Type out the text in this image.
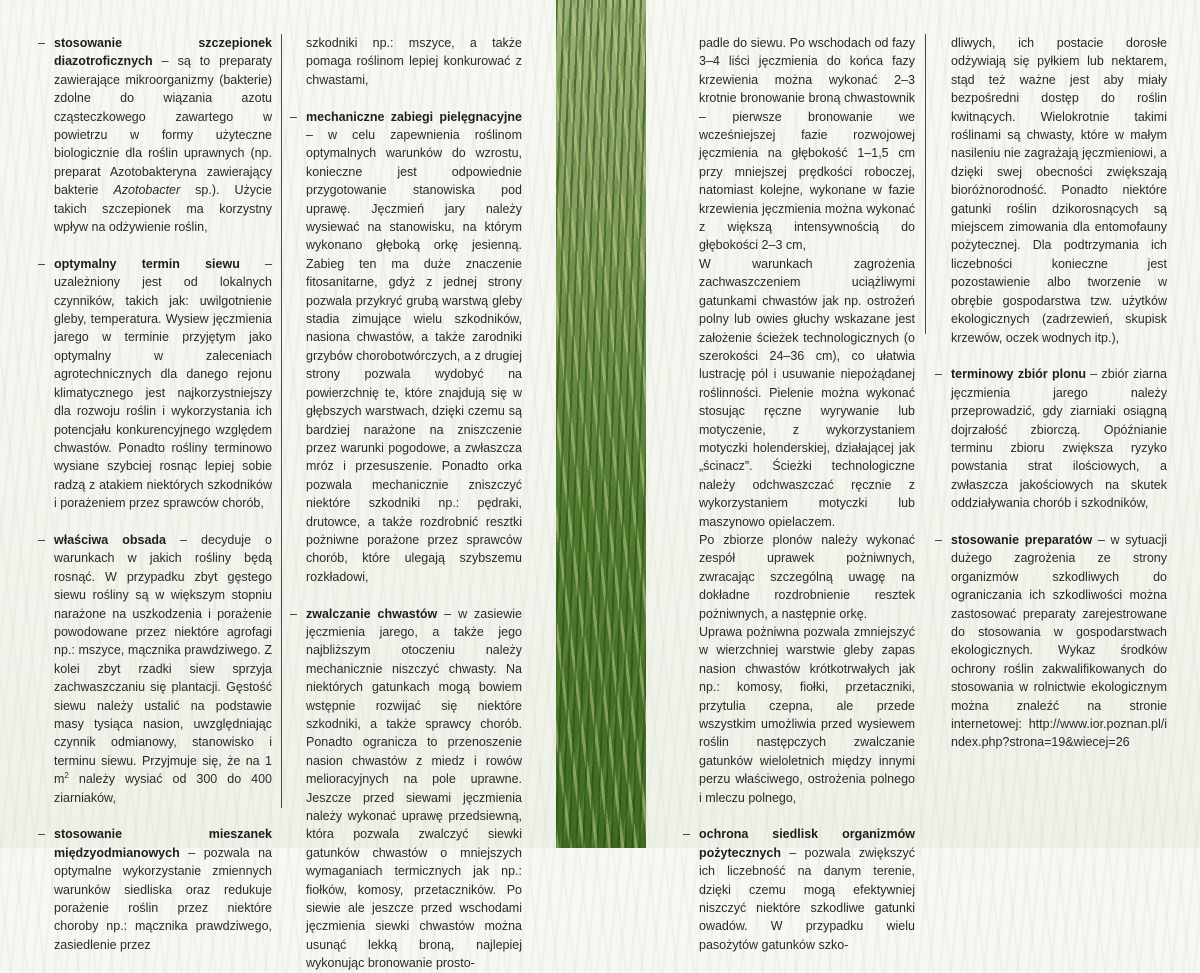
– stosowanie szczepionek diazotroficznych – są to preparaty zawierające mikroorganizmy (bakterie) zdolne do wiązania azotu cząsteczkowego zawartego w powietrzu w formy użyteczne biologicznie dla roślin uprawnych (np. preparat Azotobakteryna zawierający bakterie Azotobacter sp.). Użycie takich szczepionek ma korzystny wpływ na odżywienie roślin,
– optymalny termin siewu – uzależniony jest od lokalnych czynników, takich jak: uwilgotnienie gleby, temperatura. Wysiew jęczmienia jarego w terminie przyjętym jako optymalny w zaleceniach agrotechnicznych dla danego rejonu klimatycznego jest najkorzystniejszy dla rozwoju roślin i wykorzystania ich potencjału konkurencyjnego względem chwastów. Ponadto rośliny terminowo wysiane szybciej rosnąc lepiej sobie radzą z atakiem niektórych szkodników i porażeniem przez sprawców chorób,
– właściwa obsada – decyduje o warunkach w jakich rośliny będą rosnąć. W przypadku zbyt gęstego siewu rośliny są w większym stopniu narażone na uszkodzenia i porażenie powodowane przez niektóre agrofagi np.: mszyce, mącznika prawdziwego. Z kolei zbyt rzadki siew sprzyja zachwaszczaniu się plantacji. Gęstość siewu należy ustalić na podstawie masy tysiąca nasion, uwzględniając czynnik odmianowy, stanowisko i terminu siewu. Przyjmuje się, że na 1 $m^2$ należy wysiać od 300 do 400 ziarniaków,
– stosowanie mieszanek międzyodmianowych – pozwala na optymalne wykorzystanie zmiennych warunków siedliska oraz redukuje porażenie roślin przez niektóre choroby np.: mącznika prawdziwego, zasiedlenie przez

szkodniki np.: mszyce, a także pomaga roślinom lepiej konkurować z chwastami,

– mechaniczne zabiegi pielęgnacyjne – w celu zapewnienia roślinom optymalnych warunków do wzrostu, konieczne jest odpowiednie przygotowanie stanowiska pod uprawę. Jęczmień jary należy wysiewać na stanowisku, na którym wykonano głęboką orkę jesienną. Zabieg ten ma duże znaczenie fitosanitarne, gdyż z jednej strony pozwala przykryć grubą warstwą gleby stadia zimujące wielu szkodników, nasiona chwastów, a także zarodniki grzybów chorobotwórczych, a z drugiej strony pozwala wydobyć na powierzchnię te, które znajdują się w głębszych warstwach, dzięki czemu są bardziej narażone na zniszczenie przez warunki pogodowe, a zwłaszcza mróz i przesuszenie. Ponadto orka pozwala mechanicznie zniszczyć niektóre szkodniki np.: pędraki, drutowce, a także rozdrobnić resztki pożniwne porażone przez sprawców chorób, które ulegają szybszemu rozkładowi,
– zwalczanie chwastów – w zasiewie jęczmienia jarego, a także jego najbliższym otoczeniu należy mechanicznie niszczyć chwasty. Na niektórych gatunkach mogą bowiem wstępnie rozwijać się niektóre szkodniki, a także sprawcy chorób. Ponadto ogranicza to przenoszenie nasion chwastów z miedz i rowów melioracyjnych na pole uprawne. Jeszcze przed siewami jęczmienia należy wykonać uprawę przedsiewną, która pozwala zwalczyć siewki gatunków chwastów o mniejszych wymaganiach termicznych jak np.: fiołków, komosy, przetaczników. Po siewie ale jeszcze przed wschodami jęczmienia siewki chwastów można usunąć lekką broną, najlepiej wykonując bronowanie prosto-

padle do siewu. Po wschodach od fazy 3–4 liści jęczmienia do końca fazy krzewienia można wykonać 2–3 krotnie bronowanie broną chwastownik – pierwsze bronowanie we wcześniejszej fazie rozwojowej jęczmienia na głębokość 1–1,5 cm przy mniejszej prędkości roboczej, natomiast kolejne, wykonane w fazie krzewienia jęczmienia można wykonać z większą intensywnością do głębokości 2–3 cm,

W warunkach zagrożenia zachwaszczeniem uciążliwymi gatunkami chwastów jak np. ostrożeń polny lub owies głuchy wskazane jest założenie ścieżek technologicznych (o szerokości 24–36 cm), co ułatwia lustrację pól i usuwanie niepożądanej roślinności. Pielenie można wykonać stosując ręczne wyrywanie lub motyczenie, z wykorzystaniem motyczki holenderskiej, działającej jak „ścinacz”. Ścieżki technologiczne należy odchwaszczać ręcznie z wykorzystaniem motyczki lub maszynowo opielaczem.

Po zbiorze plonów należy wykonać zespół uprawek pożniwnych, zwracając szczególną uwagę na dokładne rozdrobnienie resztek pożniwnych, a następnie orkę.

Uprawa pożniwna pozwala zmniejszyć w wierzchniej warstwie gleby zapas nasion chwastów krótkotrwałych jak np.: komosy, fiołki, przetaczniki, przytulia czepna, ale przede wszystkim umożliwia przed wysiewem roślin następczych zwalczanie gatunków wieloletnich między innymi perzu właściwego, ostrożenia polnego i mleczu polnego,

– ochrona siedlisk organizmów pożytecznych – pozwala zwiększyć ich liczebność na danym terenie, dzięki czemu mogą efektywniej niszczyć niektóre szkodliwe gatunki owadów. W przypadku wielu pasożytów gatunków szko-

dliwych, ich postacie dorosłe odżywiają się pyłkiem lub nektarem, stąd też ważne jest aby miały bezpośredni dostęp do roślin kwitnących. Wielokrotnie takimi roślinami są chwasty, które w małym nasileniu nie zagrażają jęczmieniowi, a dzięki swej obecności zwiększają bioróżnorodność. Ponadto niektóre gatunki roślin dzikorosnących są miejscem zimowania dla entomofauny pożytecznej. Dla podtrzymania ich liczebności konieczne jest pozostawienie albo tworzenie w obrębie gospodarstwa tzw. użytków ekologicznych (zadrzewień, skupisk krzewów, oczek wodnych itp.),

– terminowy zbiór plonu – zbiór ziarna jęczmienia jarego należy przeprowadzić, gdy ziarniaki osiągną dojrzałość zbiorczą. Opóźnianie terminu zbioru zwiększa ryzyko powstania strat ilościowych, a zwłaszcza jakościowych na skutek oddziaływania chorób i szkodników,
– stosowanie preparatów – w sytuacji dużego zagrożenia ze strony organizmów szkodliwych do ograniczania ich szkodliwości można zastosować preparaty zarejestrowane do stosowania w gospodarstwach ekologicznych. Wykaz środków ochrony roślin zakwalifikowanych do stosowania w rolnictwie ekologicznym można znaleźć na stronie internetowej: http://www.ior.poznan.pl/index.php?strona=19&wiecej=26
